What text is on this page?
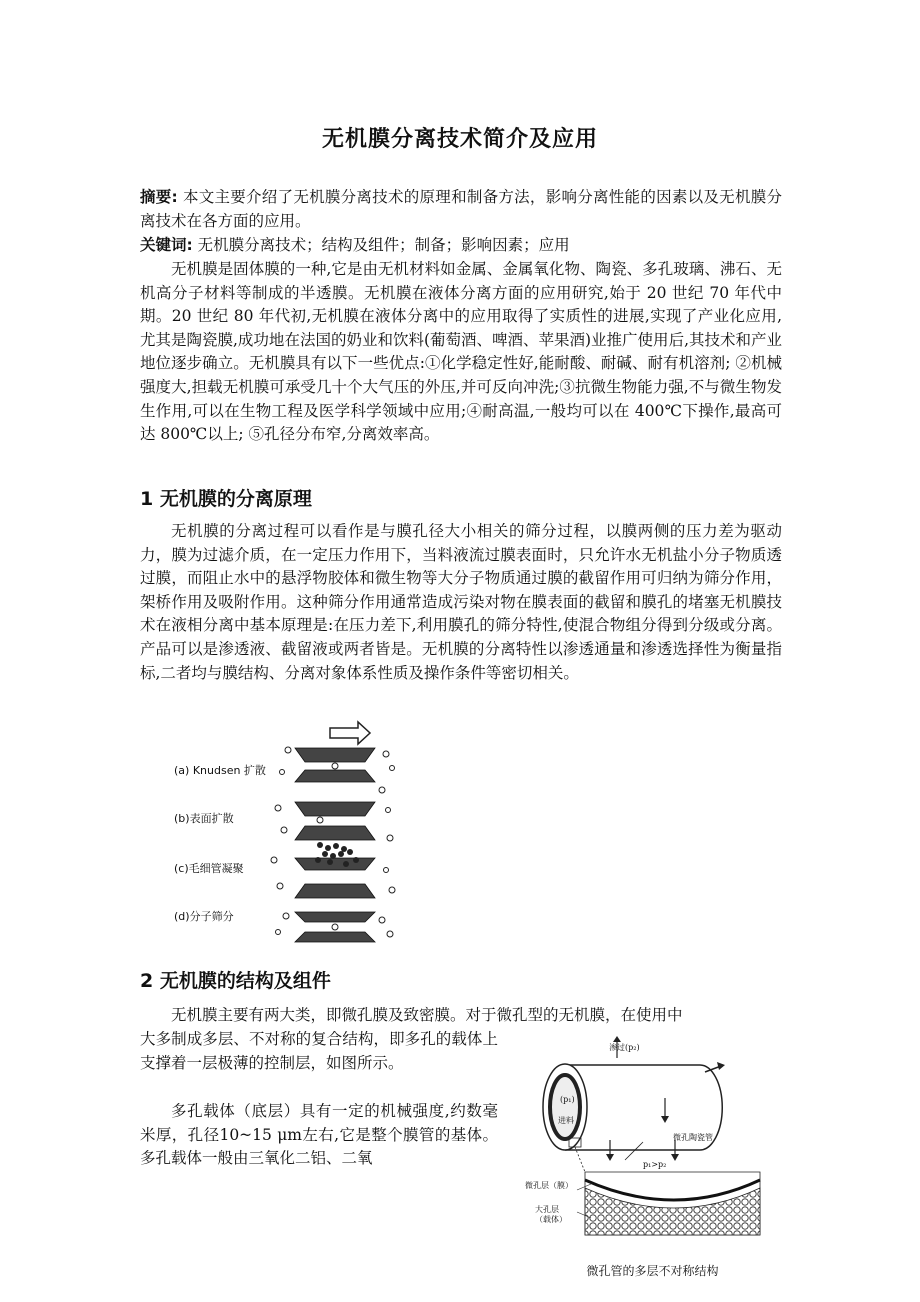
无机膜分离技术简介及应用
摘要: 本文主要介绍了无机膜分离技术的原理和制备方法，影响分离性能的因素以及无机膜分离技术在各方面的应用。
关键词: 无机膜分离技术；结构及组件；制备；影响因素；应用

无机膜是固体膜的一种,它是由无机材料如金属、金属氧化物、陶瓷、多孔玻璃、沸石、无机高分子材料等制成的半透膜。无机膜在液体分离方面的应用研究,始于 20 世纪 70 年代中期。20 世纪 80 年代初,无机膜在液体分离中的应用取得了实质性的进展,实现了产业化应用,尤其是陶瓷膜,成功地在法国的奶业和饮料(葡萄酒、啤酒、苹果酒)业推广使用后,其技术和产业地位逐步确立。无机膜具有以下一些优点:①化学稳定性好,能耐酸、耐碱、耐有机溶剂; ②机械强度大,担载无机膜可承受几十个大气压的外压,并可反向冲洗;③抗微生物能力强,不与微生物发生作用,可以在生物工程及医学科学领域中应用;④耐高温,一般均可以在 400℃下操作,最高可达 800℃以上; ⑤孔径分布窄,分离效率高。

1 无机膜的分离原理

无机膜的分离过程可以看作是与膜孔径大小相关的筛分过程，以膜两侧的压力差为驱动力，膜为过滤介质，在一定压力作用下，当料液流过膜表面时，只允许水无机盐小分子物质透过膜，而阻止水中的悬浮物胶体和微生物等大分子物质通过膜的截留作用可归纳为筛分作用，架桥作用及吸附作用。这种筛分作用通常造成污染对物在膜表面的截留和膜孔的堵塞无机膜技术在液相分离中基本原理是:在压力差下,利用膜孔的筛分特性,使混合物组分得到分级或分离。产品可以是渗透液、截留液或两者皆是。无机膜的分离特性以渗透通量和渗透选择性为衡量指标,二者均与膜结构、分离对象体系性质及操作条件等密切相关。

(a) Knudsen 扩散
(b)表面扩散
(c)毛细管凝聚
(d)分子筛分
2 无机膜的结构及组件

无机膜主要有两大类，即微孔膜及致密膜。对于微孔型的无机膜，在使用中

大多制成多层、不对称的复合结构，即多孔的载体上支撑着一层极薄的控制层，如图所示。

多孔载体（底层）具有一定的机械强度,约数毫米厚，孔径10~15 μm左右,它是整个膜管的基体。多孔载体一般由三氧化二铝、二氧

渗过(p₂)
(p₁)
进料
微孔陶瓷管
p₁>p₂
微孔层（膜）
大孔层
（载体）
微孔管的多层不对称结构
